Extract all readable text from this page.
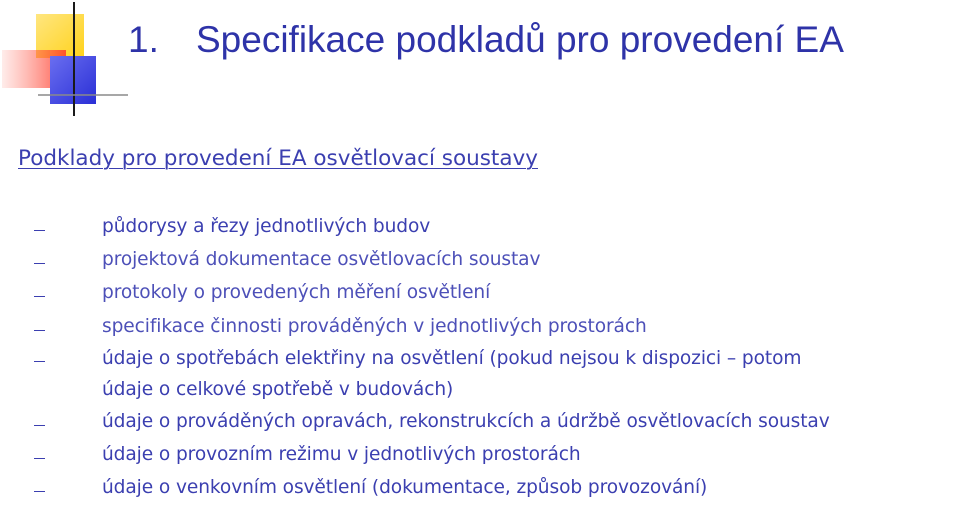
1. Specifikace podkladů pro provedení EA
Podklady pro provedení EA osvětlovací soustavy
půdorysy a řezy jednotlivých budov
projektová dokumentace osvětlovacích soustav
protokoly o provedených měření osvětlení
specifikace činnosti prováděných v jednotlivých prostorách
údaje o spotřebách elektřiny na osvětlení (pokud nejsou k dispozici – potom
údaje o celkové spotřebě v budovách)
údaje o prováděných opravách, rekonstrukcích a údržbě osvětlovacích soustav
údaje o provozním režimu v jednotlivých prostorách
údaje o venkovním osvětlení (dokumentace, způsob provozování)
